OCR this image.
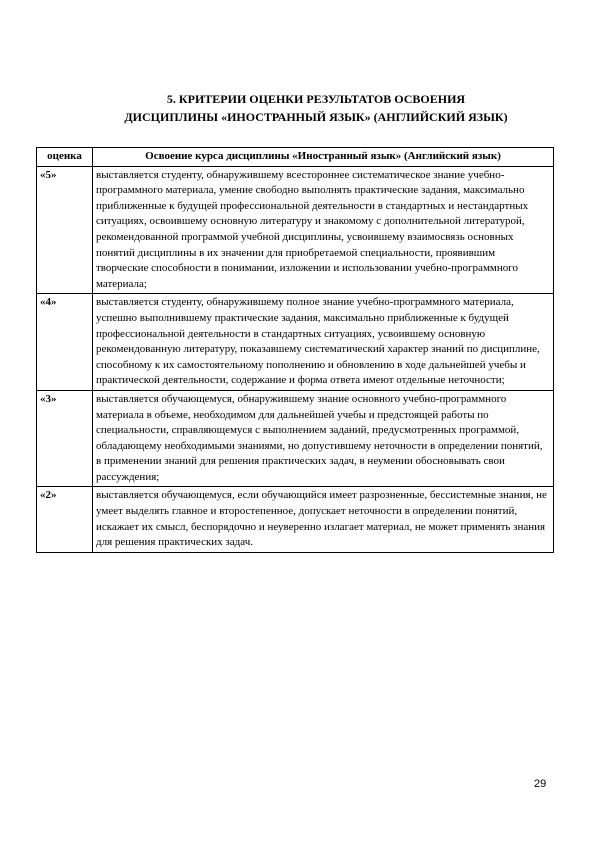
5. КРИТЕРИИ ОЦЕНКИ РЕЗУЛЬТАТОВ ОСВОЕНИЯ
ДИСЦИПЛИНЫ «ИНОСТРАННЫЙ ЯЗЫК» (АНГЛИЙСКИЙ ЯЗЫК)
оценка	Освоение курса дисциплины «Иностранный язык» (Английский язык)
«5»	выставляется студенту, обнаружившему всестороннее систематическое знание учебно-программного материала, умение свободно выполнять практические задания, максимально приближенные к будущей профессиональной деятельности в стандартных и нестандартных ситуациях, освоившему основную литературу и знакомому с дополнительной литературой, рекомендованной программой учебной дисциплины, усвоившему взаимосвязь основных понятий дисциплины в их значении для приобретаемой специальности, проявившим творческие способности в понимании, изложении и использовании учебно-программного материала;
«4»	выставляется студенту, обнаружившему полное знание учебно-программного материала, успешно выполнившему практические задания, максимально приближенные к будущей профессиональной деятельности в стандартных ситуациях, усвоившему основную рекомендованную литературу, показавшему систематический характер знаний по дисциплине, способному к их самостоятельному пополнению и обновлению в ходе дальнейшей учебы и практической деятельности, содержание и форма ответа имеют отдельные неточности;
«3»	выставляется обучающемуся, обнаружившему знание основного учебно-программного материала в объеме, необходимом для дальнейшей учебы и предстоящей работы по специальности, справляющемуся с выполнением заданий, предусмотренных программой, обладающему необходимыми знаниями, но допустившему неточности в определении понятий, в применении знаний для решения практических задач, в неумении обосновывать свои рассуждения;
«2»	выставляется обучающемуся, если обучающийся имеет разрозненные, бессистемные знания, не умеет выделять главное и второстепенное, допускает неточности в определении понятий, искажает их смысл, беспорядочно и неуверенно излагает материал, не может применять знания для решения практических задач.
29
